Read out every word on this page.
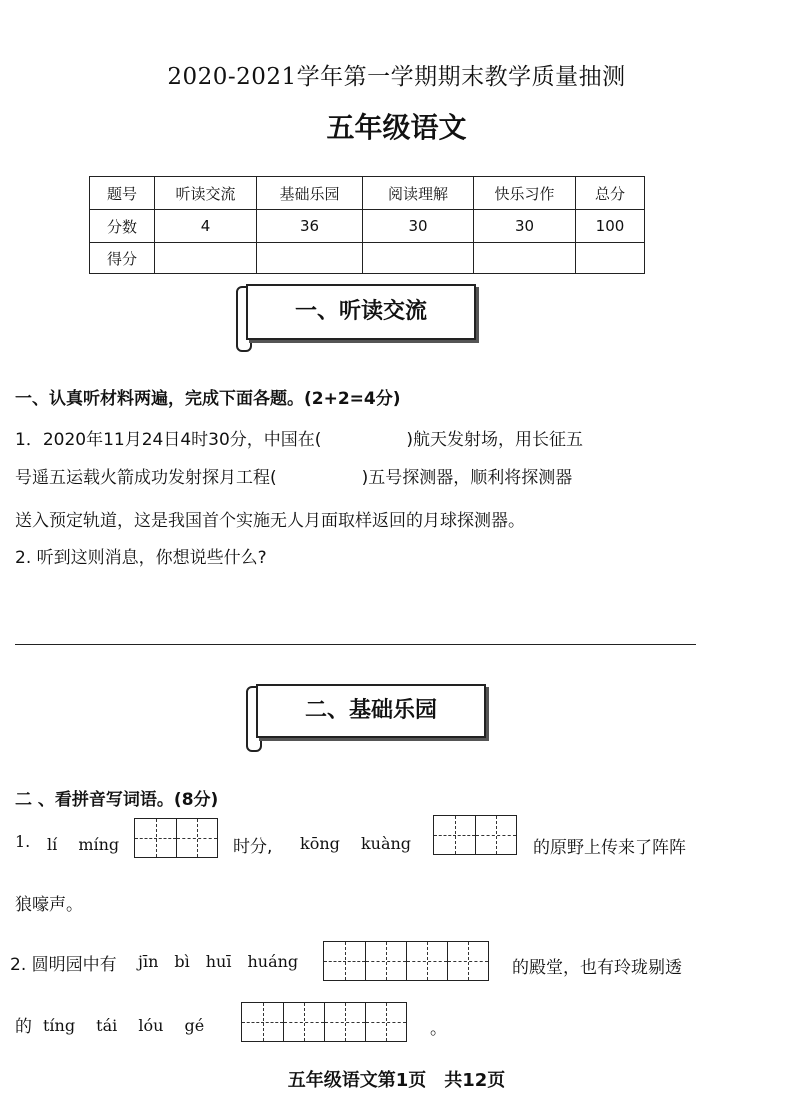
2020-2021学年第一学期期末教学质量抽测
五年级语文
题号	听读交流	基础乐园	阅读理解	快乐习作	总分
分数	4	36	30	30	100
得分					
一、听读交流
一、认真听材料两遍，完成下面各题。(2+2=4分)
1．2020年11月24日4时30分，中国在(　　　　　)航天发射场，用长征五
号遥五运载火箭成功发射探月工程(　　　　　)五号探测器，顺利将探测器
送入预定轨道，这是我国首个实施无人月面取样返回的月球探测器。
2. 听到这则消息，你想说些什么?
二、基础乐园
二 、看拼音写词语。(8分)
1. lí　 míng	时分, kōng　 kuàng	的原野上传来了阵阵
狼嚎声。
2. 圆明园中有 jīn　bì　huī　huáng	的殿堂，也有玲珑剔透
的 tíng　 tái　 lóu　 gé	。
五年级语文第1页　共12页
